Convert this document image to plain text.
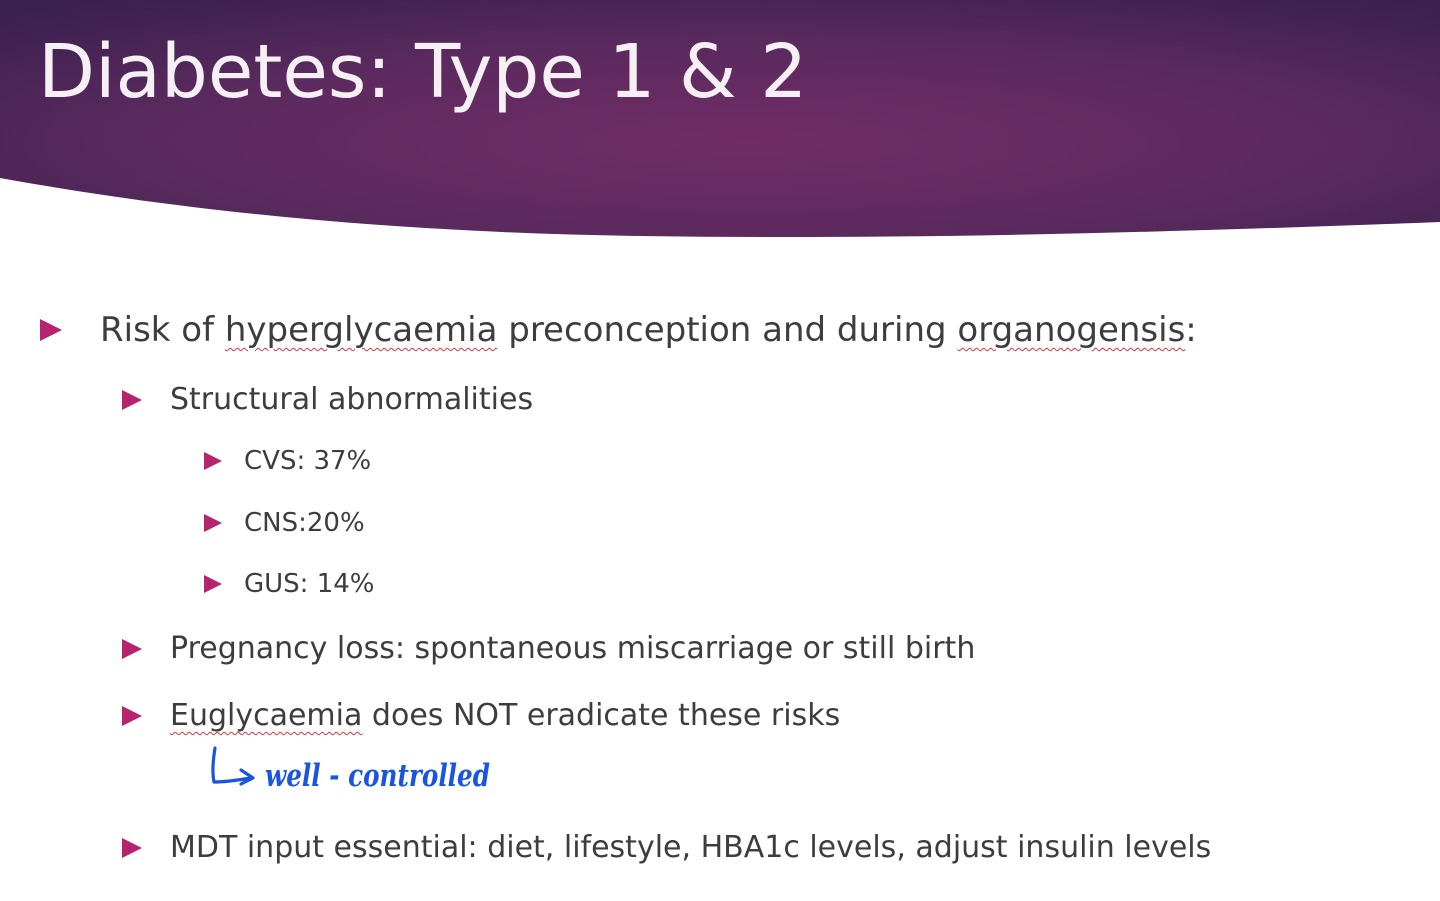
Diabetes: Type 1 & 2
Risk of hyperglycaemia preconception and during organogensis:
Structural abnormalities
CVS: 37%
CNS:20%
GUS: 14%
Pregnancy loss: spontaneous miscarriage or still birth
Euglycaemia does NOT eradicate these risks
well - controlled
MDT input essential: diet, lifestyle, HBA1c levels, adjust insulin levels
